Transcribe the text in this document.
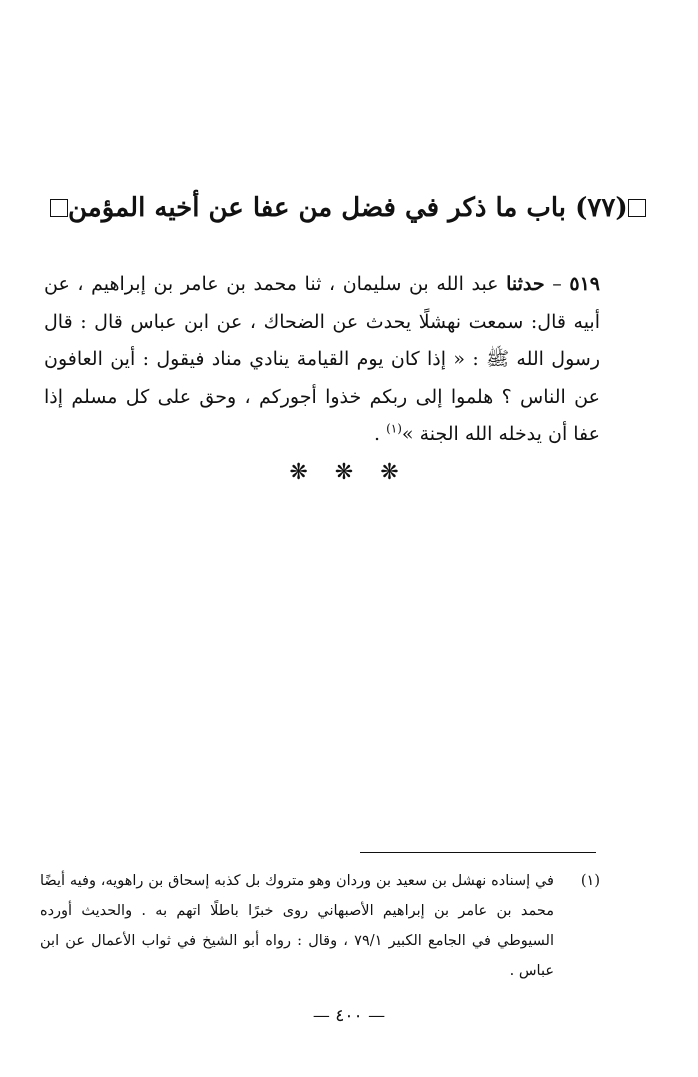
(٧٧) باب ما ذكر في فضل من عفا عن أخيه المؤمن

٥١٩ – حدثنا عبد الله بن سليمان ، ثنا محمد بن عامر بن إبراهيم ، عن أبيه قال: سمعت نهشلًا يحدث عن الضحاك ، عن ابن عباس قال : قال رسول الله ﷺ : « إذا كان يوم القيامة ينادي مناد فيقول : أين العافون عن الناس ؟ هلموا إلى ربكم خذوا أجوركم ، وحق على كل مسلم إذا عفا أن يدخله الله الجنة »$^{(١)}$ .

❋ ❋ ❋
(١)
في إسناده نهشل بن سعيد بن وردان وهو متروك بل كذبه إسحاق بن راهويه، وفيه أيضًا محمد بن عامر بن إبراهيم الأصبهاني روى خبرًا باطلًا اتهم به . والحديث أورده السيوطي في الجامع الكبير ٧٩/١ ، وقال : رواه أبو الشيخ في ثواب الأعمال عن ابن عباس .
— ٤٠٠ —
